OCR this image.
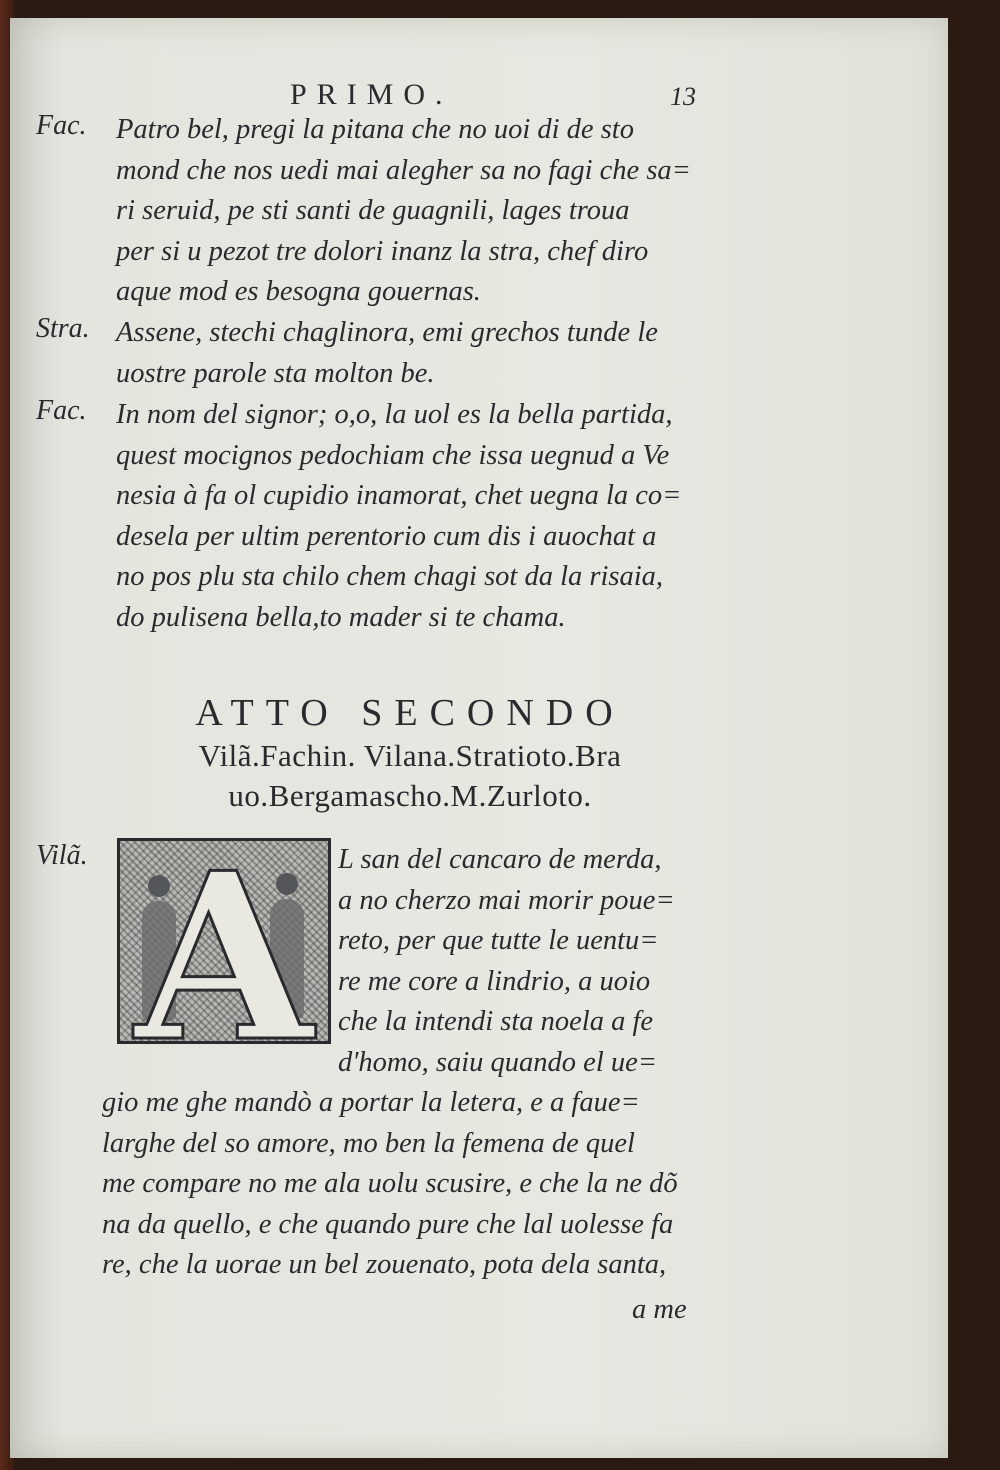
PRIMO.	13
Fac. Patro bel, pregi la pitana che no uoi di de sto
mond che nos uedi mai alegher sa no fagi che sa=
ri seruid, pe sti santi de guagnili, lages troua
per si u pezot tre dolori inanz la stra, chef diro
aque mod es besogna gouernas.
Stra. Assene, stechi chaglinora, emi grechos tunde le
uostre parole sta molton be.
Fac. In nom del signor; o,o, la uol es la bella partida,
quest mocignos pedochiam che issa uegnud a Ve
nesia à fa ol cupidio inamorat, chet uegna la co=
desela per ultim perentorio cum dis i auochat a
no pos plu sta chilo chem chagi sot da la risaia,
do pulisena bella,to mader si te chama.
ATTO SECONDO
Vilã.Fachin. Vilana.Stratioto.Bra
uo.Bergamascho.M.Zurloto.
Vilã. A L san del cancaro de merda,
a no cherzo mai morir poue=
reto, per que tutte le uentu=
re me core a lindrio, a uoio
che la intendi sta noela a fe
d'homo, saiu quando el ue=
gio me ghe mandò a portar la letera, e a faue=
larghe del so amore, mo ben la femena de quel
me compare no me ala uolu scusire, e che la ne dõ
na da quello, e che quando pure che lal uolesse fa
re, che la uorae un bel zouenato, pota dela santa,
a me
